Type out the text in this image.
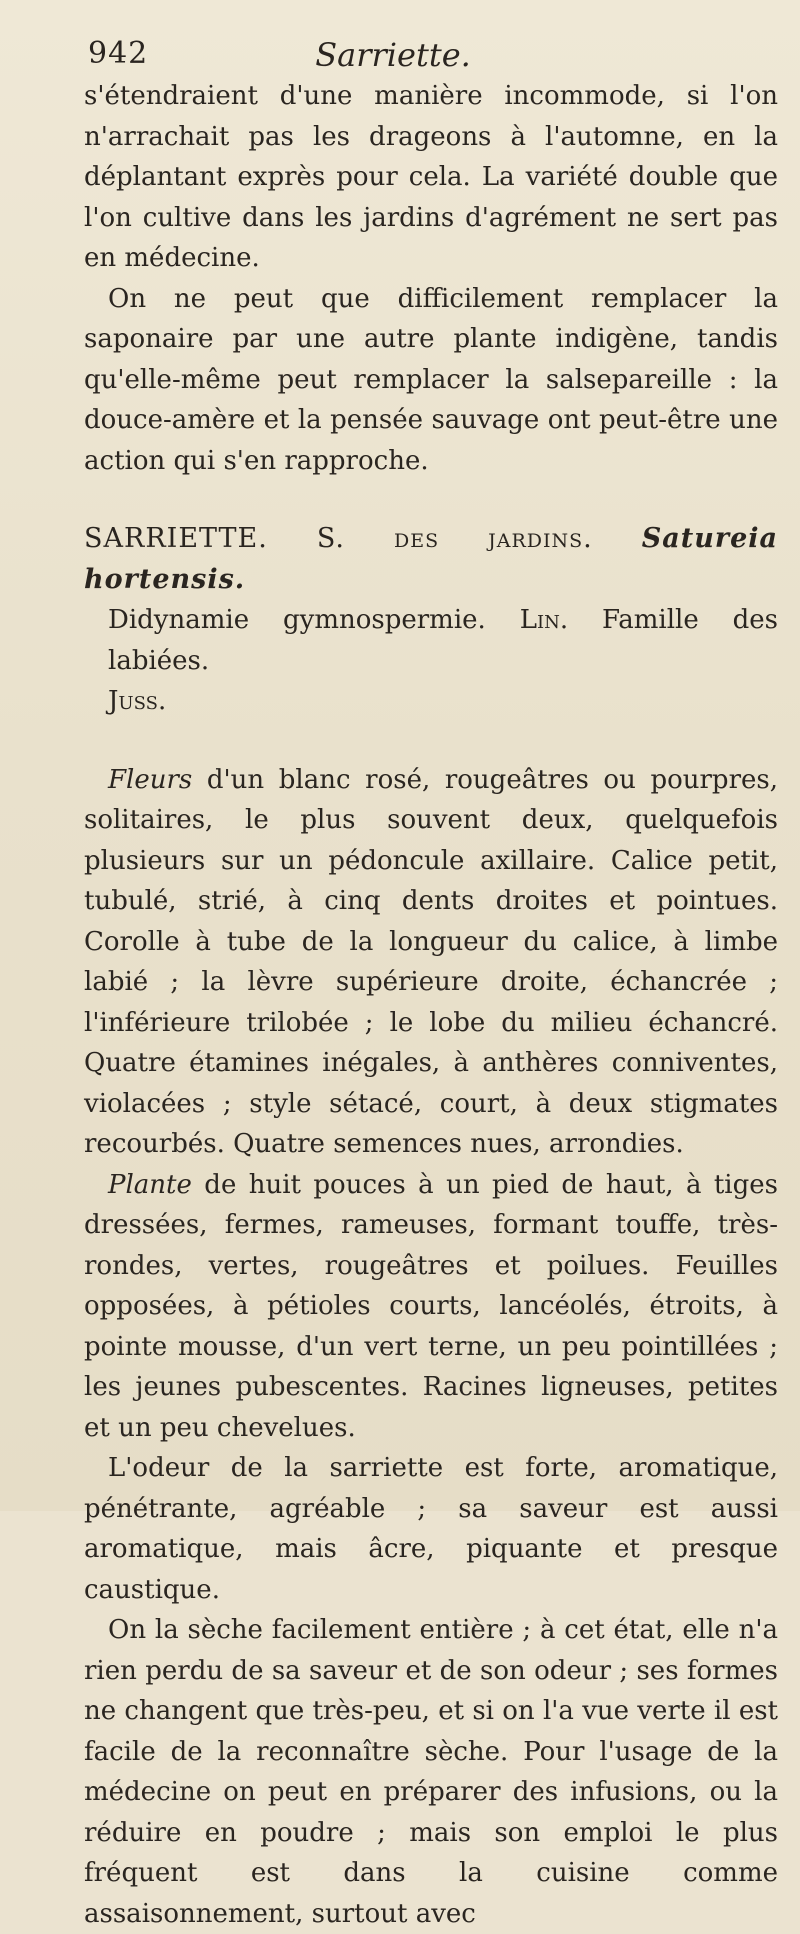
942	Sarriette.

s'étendraient d'une manière incommode, si l'on n'arrachait pas les drageons à l'automne, en la déplantant exprès pour cela. La variété double que l'on cultive dans les jardins d'agrément ne sert pas en médecine.

On ne peut que difficilement remplacer la saponaire par une autre plante indigène, tandis qu'elle-même peut remplacer la salsepareille : la douce-amère et la pensée sauvage ont peut-être une action qui s'en rapproche.

SARRIETTE. S. des jardins. Satureia hortensis.

Didynamie gymnospermie. Lin. Famille des labiées.
Juss.

Fleurs d'un blanc rosé, rougeâtres ou pourpres, solitaires, le plus souvent deux, quelquefois plusieurs sur un pédoncule axillaire. Calice petit, tubulé, strié, à cinq dents droites et pointues. Corolle à tube de la longueur du calice, à limbe labié ; la lèvre supérieure droite, échancrée ; l'inférieure trilobée ; le lobe du milieu échancré. Quatre étamines inégales, à anthères conniventes, violacées ; style sétacé, court, à deux stigmates recourbés. Quatre semences nues, arrondies.

Plante de huit pouces à un pied de haut, à tiges dressées, fermes, rameuses, formant touffe, très-rondes, vertes, rougeâtres et poilues. Feuilles opposées, à pétioles courts, lancéolés, étroits, à pointe mousse, d'un vert terne, un peu pointillées ; les jeunes pubescentes. Racines ligneuses, petites et un peu chevelues.

L'odeur de la sarriette est forte, aromatique, pénétrante, agréable ; sa saveur est aussi aromatique, mais âcre, piquante et presque caustique.

On la sèche facilement entière ; à cet état, elle n'a rien perdu de sa saveur et de son odeur ; ses formes ne changent que très-peu, et si on l'a vue verte il est facile de la reconnaître sèche. Pour l'usage de la médecine on peut en préparer des infusions, ou la réduire en poudre ; mais son emploi le plus fréquent est dans la cuisine comme assaisonnement, surtout avec
